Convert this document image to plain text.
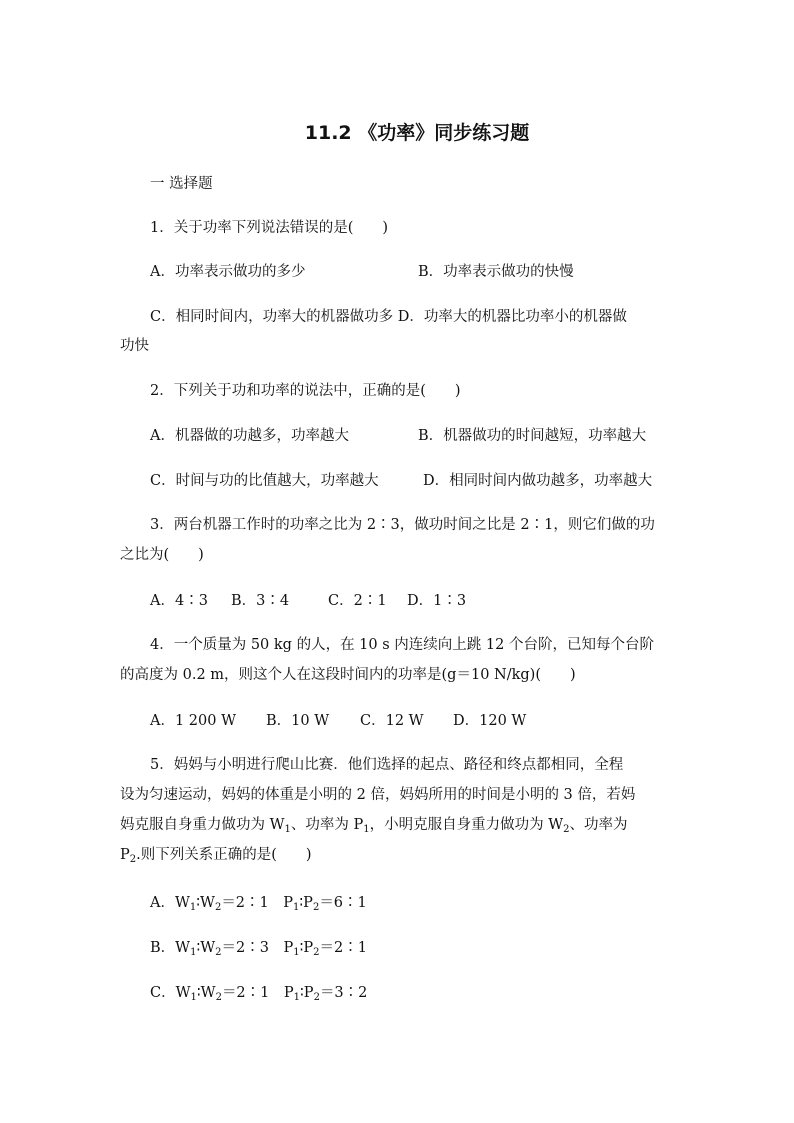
11.2 《功率》同步练习题
一 选择题
1．关于功率下列说法错误的是(　　)
A．功率表示做功的多少	B．功率表示做功的快慢
C．相同时间内，功率大的机器做功多 D．功率大的机器比功率小的机器做
功快
2．下列关于功和功率的说法中，正确的是(　　)
A．机器做的功越多，功率越大	B．机器做功的时间越短，功率越大
C．时间与功的比值越大，功率越大	D．相同时间内做功越多，功率越大
3．两台机器工作时的功率之比为 2∶3，做功时间之比是 2∶1，则它们做的功
之比为(　　)
A．4∶3 B．3∶4	C．2∶1 D．1∶3
4．一个质量为 50 kg 的人，在 10 s 内连续向上跳 12 个台阶，已知每个台阶
的高度为 0.2 m，则这个人在这段时间内的功率是(g＝10 N/kg)(　　)
A．1 200 W B．10 W C．12 W D．120 W
5．妈妈与小明进行爬山比赛．他们选择的起点、路径和终点都相同，全程
设为匀速运动，妈妈的体重是小明的 2 倍，妈妈所用的时间是小明的 3 倍，若妈
妈克服自身重力做功为 $W_1$、功率为 $P_1$，小明克服自身重力做功为 $W_2$、功率为
$P_2$.则下列关系正确的是(　　)
A．$W_1∶W_2=2∶1$　$P_1∶P_2=6∶1$
B．$W_1∶W_2=2∶3$　$P_1∶P_2=2∶1$
C．$W_1∶W_2=2∶1$　$P_1∶P_2=3∶2$
